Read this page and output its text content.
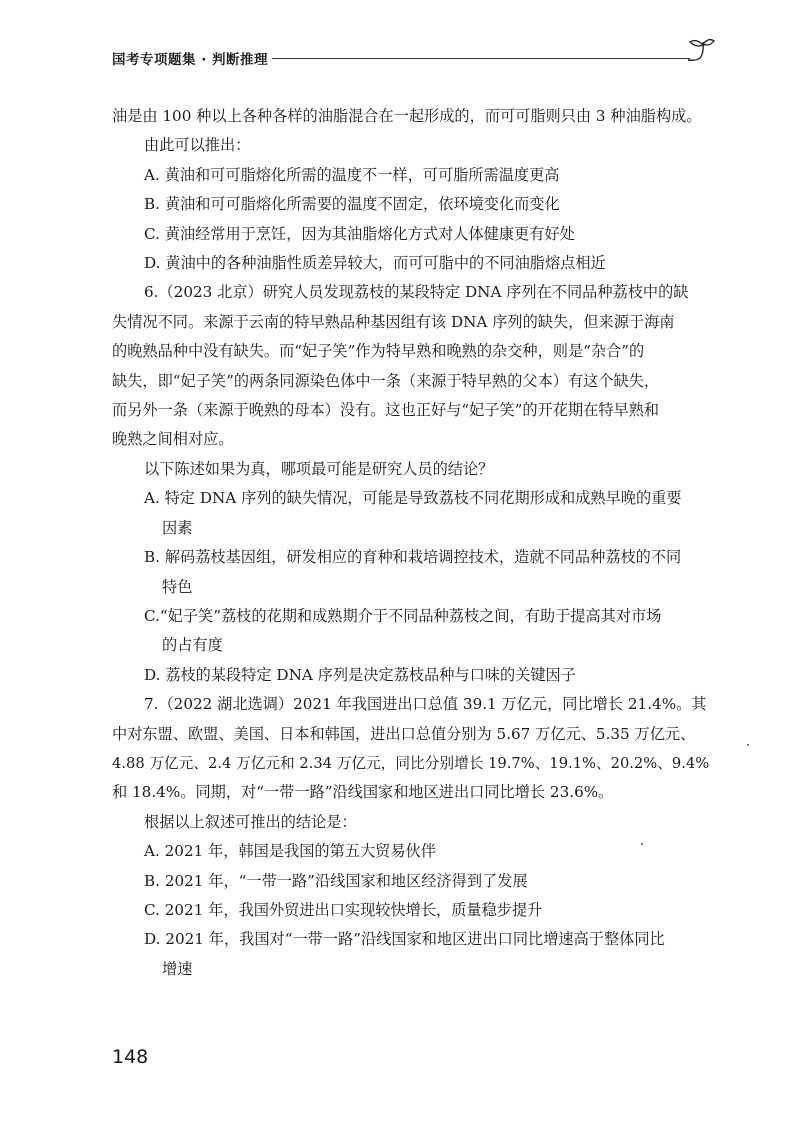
国考专项题集 · 判断推理

油是由 100 种以上各种各样的油脂混合在一起形成的，而可可脂则只由 3 种油脂构成。

由此可以推出：

A. 黄油和可可脂熔化所需的温度不一样，可可脂所需温度更高

B. 黄油和可可脂熔化所需要的温度不固定，依环境变化而变化

C. 黄油经常用于烹饪，因为其油脂熔化方式对人体健康更有好处

D. 黄油中的各种油脂性质差异较大，而可可脂中的不同油脂熔点相近

6.（2023 北京）研究人员发现荔枝的某段特定 DNA 序列在不同品种荔枝中的缺

失情况不同。来源于云南的特早熟品种基因组有该 DNA 序列的缺失，但来源于海南

的晚熟品种中没有缺失。而“妃子笑”作为特早熟和晚熟的杂交种，则是“杂合”的

缺失，即“妃子笑”的两条同源染色体中一条（来源于特早熟的父本）有这个缺失，

而另外一条（来源于晚熟的母本）没有。这也正好与“妃子笑”的开花期在特早熟和

晚熟之间相对应。

以下陈述如果为真，哪项最可能是研究人员的结论？

A. 特定 DNA 序列的缺失情况，可能是导致荔枝不同花期形成和成熟早晚的重要

因素

B. 解码荔枝基因组，研发相应的育种和栽培调控技术，造就不同品种荔枝的不同

特色

C.“妃子笑”荔枝的花期和成熟期介于不同品种荔枝之间，有助于提高其对市场

的占有度

D. 荔枝的某段特定 DNA 序列是决定荔枝品种与口味的关键因子

7.（2022 湖北选调）2021 年我国进出口总值 39.1 万亿元，同比增长 21.4%。其

中对东盟、欧盟、美国、日本和韩国，进出口总值分别为 5.67 万亿元、5.35 万亿元、

4.88 万亿元、2.4 万亿元和 2.34 万亿元，同比分别增长 19.7%、19.1%、20.2%、9.4%

和 18.4%。同期，对“一带一路”沿线国家和地区进出口同比增长 23.6%。

根据以上叙述可推出的结论是：

A. 2021 年，韩国是我国的第五大贸易伙伴

B. 2021 年，“一带一路”沿线国家和地区经济得到了发展

C. 2021 年，我国外贸进出口实现较快增长，质量稳步提升

D. 2021 年，我国对“一带一路”沿线国家和地区进出口同比增速高于整体同比

增速

148
